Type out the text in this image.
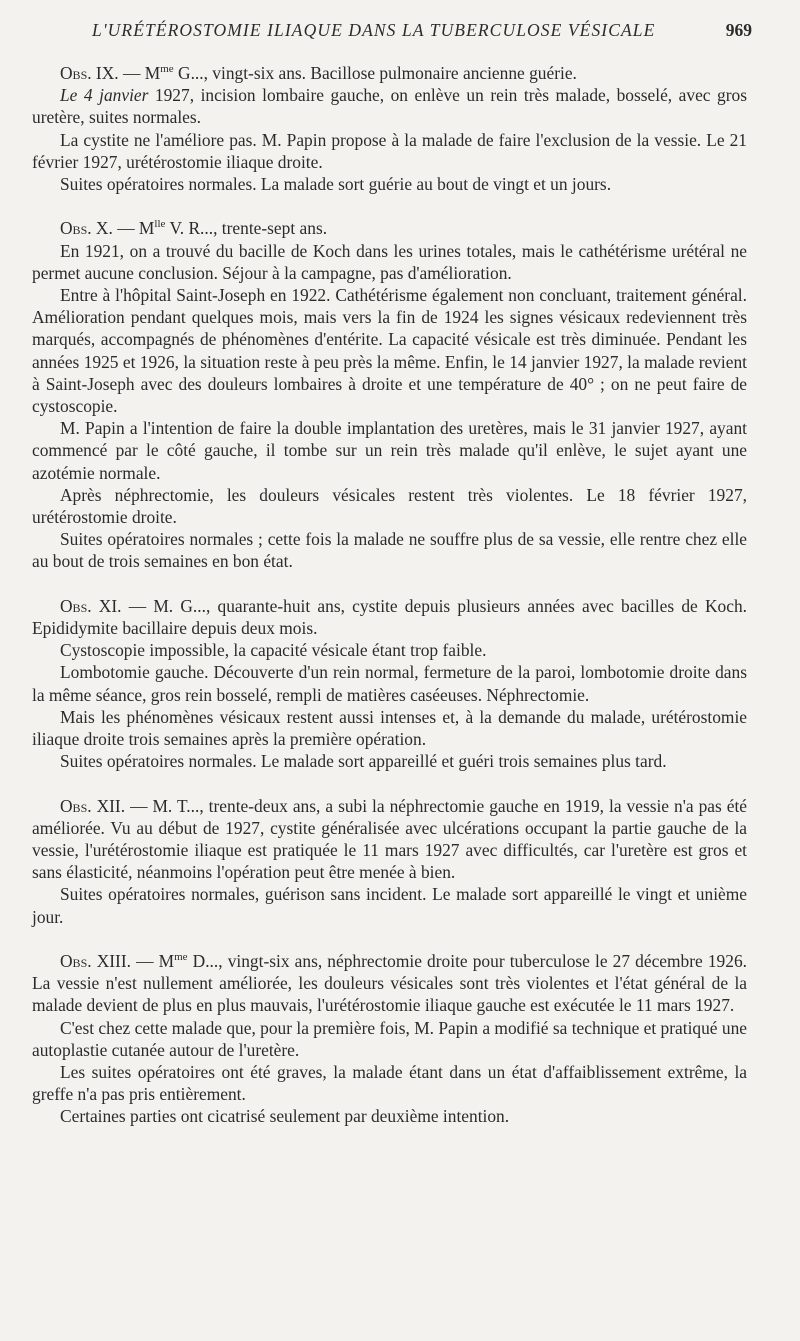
L'URÉTÉROSTOMIE ILIAQUE DANS LA TUBERCULOSE VÉSICALE	969

Obs. IX. — $M^{me}$ G..., vingt-six ans. Bacillose pulmonaire ancienne guérie.

Le 4 janvier 1927, incision lombaire gauche, on enlève un rein très malade, bosselé, avec gros uretère, suites normales.

La cystite ne l'améliore pas. M. Papin propose à la malade de faire l'exclusion de la vessie. Le 21 février 1927, urétérostomie iliaque droite.

Suites opératoires normales. La malade sort guérie au bout de vingt et un jours.

Obs. X. — $M^{lle}$ V. R..., trente-sept ans.

En 1921, on a trouvé du bacille de Koch dans les urines totales, mais le cathétérisme urétéral ne permet aucune conclusion. Séjour à la campagne, pas d'amélioration.

Entre à l'hôpital Saint-Joseph en 1922. Cathétérisme également non concluant, traitement général. Amélioration pendant quelques mois, mais vers la fin de 1924 les signes vésicaux redeviennent très marqués, accompagnés de phénomènes d'entérite. La capacité vésicale est très diminuée. Pendant les années 1925 et 1926, la situation reste à peu près la même. Enfin, le 14 janvier 1927, la malade revient à Saint-Joseph avec des douleurs lombaires à droite et une température de 40° ; on ne peut faire de cystoscopie.

M. Papin a l'intention de faire la double implantation des uretères, mais le 31 janvier 1927, ayant commencé par le côté gauche, il tombe sur un rein très malade qu'il enlève, le sujet ayant une azotémie normale.

Après néphrectomie, les douleurs vésicales restent très violentes. Le 18 février 1927, urétérostomie droite.

Suites opératoires normales ; cette fois la malade ne souffre plus de sa vessie, elle rentre chez elle au bout de trois semaines en bon état.

Obs. XI. — M. G..., quarante-huit ans, cystite depuis plusieurs années avec bacilles de Koch. Epididymite bacillaire depuis deux mois.

Cystoscopie impossible, la capacité vésicale étant trop faible.

Lombotomie gauche. Découverte d'un rein normal, fermeture de la paroi, lombotomie droite dans la même séance, gros rein bosselé, rempli de matières caséeuses. Néphrectomie.

Mais les phénomènes vésicaux restent aussi intenses et, à la demande du malade, urétérostomie iliaque droite trois semaines après la première opération.

Suites opératoires normales. Le malade sort appareillé et guéri trois semaines plus tard.

Obs. XII. — M. T..., trente-deux ans, a subi la néphrectomie gauche en 1919, la vessie n'a pas été améliorée. Vu au début de 1927, cystite généralisée avec ulcérations occupant la partie gauche de la vessie, l'urétérostomie iliaque est pratiquée le 11 mars 1927 avec difficultés, car l'uretère est gros et sans élasticité, néanmoins l'opération peut être menée à bien.

Suites opératoires normales, guérison sans incident. Le malade sort appareillé le vingt et unième jour.

Obs. XIII. — $M^{me}$ D..., vingt-six ans, néphrectomie droite pour tuberculose le 27 décembre 1926. La vessie n'est nullement améliorée, les douleurs vésicales sont très violentes et l'état général de la malade devient de plus en plus mauvais, l'urétérostomie iliaque gauche est exécutée le 11 mars 1927.

C'est chez cette malade que, pour la première fois, M. Papin a modifié sa technique et pratiqué une autoplastie cutanée autour de l'uretère.

Les suites opératoires ont été graves, la malade étant dans un état d'affaiblissement extrême, la greffe n'a pas pris entièrement.

Certaines parties ont cicatrisé seulement par deuxième intention.
